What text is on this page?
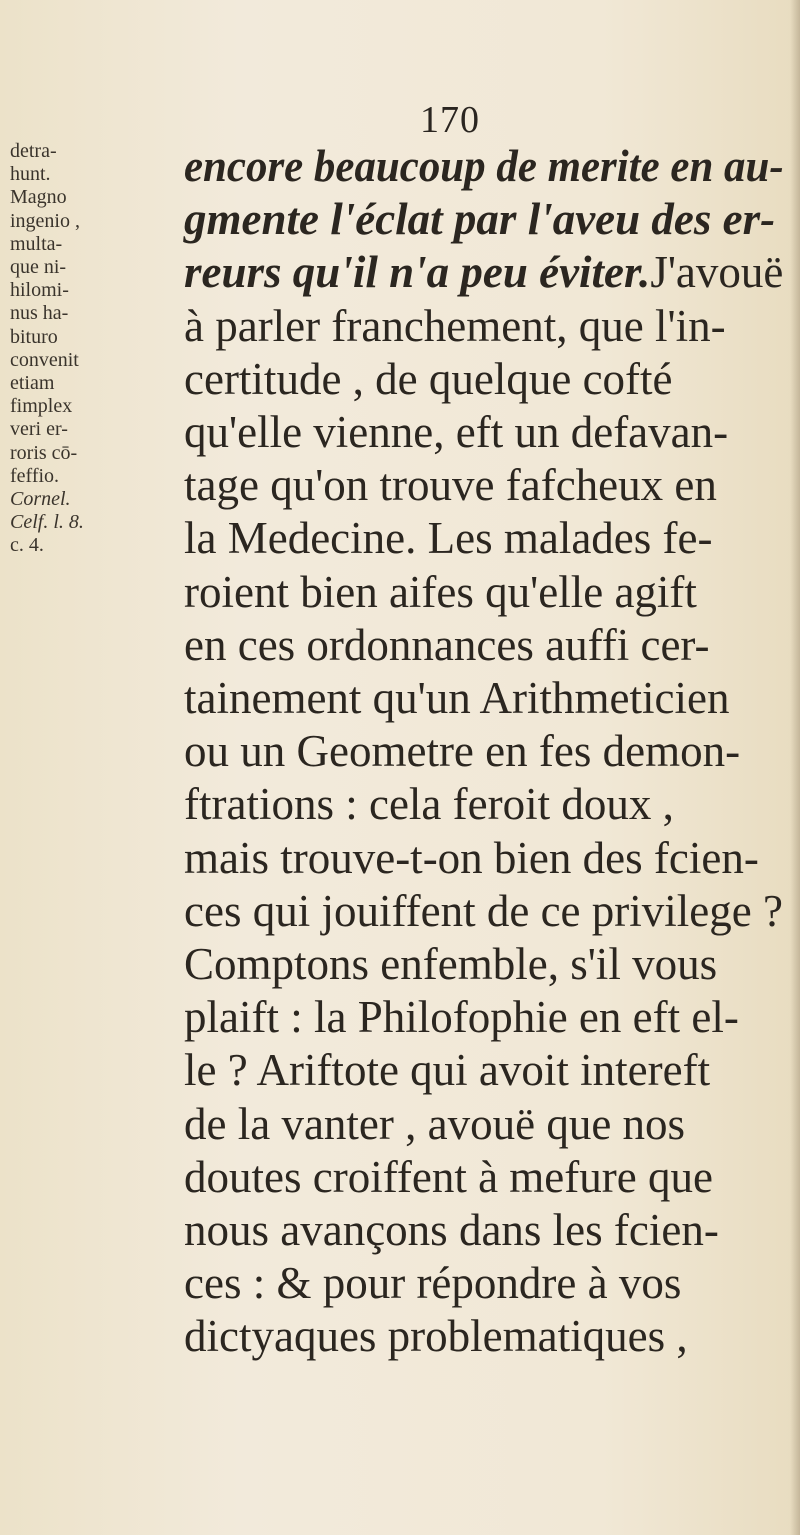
170
detra-
hunt.
Magno
ingenio ,
multa-
que ni-
hilomi-
nus ha-
bituro
convenit
etiam
fimplex
veri er-
roris cō-
feffio.
Cornel.
Celf. l. 8.
c. 4.
encore beaucoup de merite en au-
gmente l'éclat par l'aveu des er-
reurs qu'il n'a peu éviter.J'avouë
à parler franchement, que l'in-
certitude , de quelque cofté
qu'elle vienne, eft un defavan-
tage qu'on trouve fafcheux en
la Medecine. Les malades fe-
roient bien aifes qu'elle agift
en ces ordonnances auffi cer-
tainement qu'un Arithmeticien
ou un Geometre en fes demon-
ftrations : cela feroit doux ,
mais trouve-t-on bien des fcien-
ces qui jouiffent de ce privilege ?
Comptons enfemble, s'il vous
plaift : la Philofophie en eft el-
le ? Ariftote qui avoit intereft
de la vanter , avouë que nos
doutes croiffent à mefure que
nous avançons dans les fcien-
ces : & pour répondre à vos
dictyaques problematiques ,
